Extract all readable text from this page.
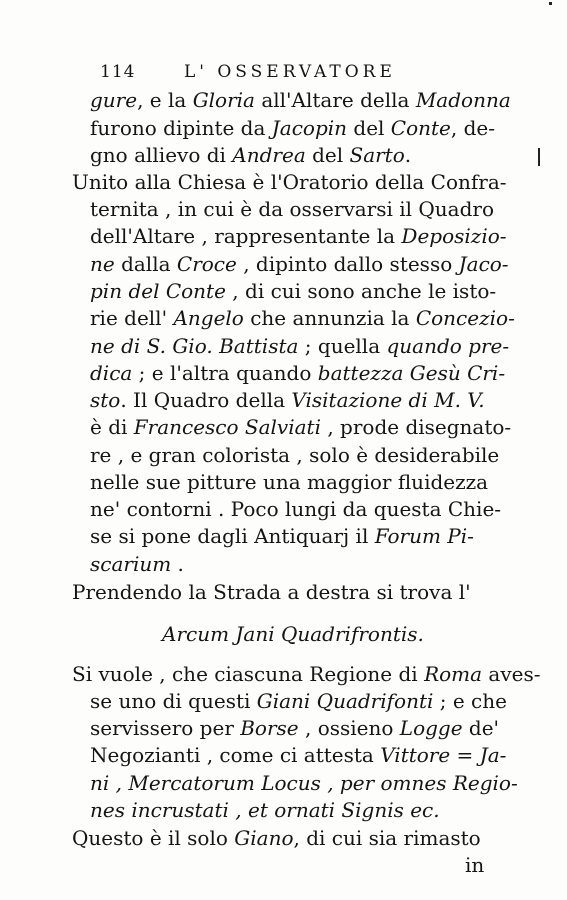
114	L' OSSERVATORE
gure, e la Gloria all'Altare della Madonna
furono dipinte da Jacopin del Conte, de-
gno allievo di Andrea del Sarto.
Unito alla Chiesa è l'Oratorio della Confra-
ternita , in cui è da osservarsi il Quadro
dell'Altare , rappresentante la Deposizio-
ne dalla Croce , dipinto dallo stesso Jaco-
pin del Conte , di cui sono anche le isto-
rie dell' Angelo che annunzia la Concezio-
ne di S. Gio. Battista ; quella quando pre-
dica ; e l'altra quando battezza Gesù Cri-
sto. Il Quadro della Visitazione di M. V.
è di Francesco Salviati , prode disegnato-
re , e gran colorista , solo è desiderabile
nelle sue pitture una maggior fluidezza
ne' contorni . Poco lungi da questa Chie-
se si pone dagli Antiquarj il Forum Pi-
scarium .
Prendendo la Strada a destra si trova l'
Arcum Jani Quadrifrontis.
Si vuole , che ciascuna Regione di Roma aves-
se uno di questi Giani Quadrifonti ; e che
servissero per Borse , ossieno Logge de'
Negozianti , come ci attesta Vittore = Ja-
ni , Mercatorum Locus , per omnes Regio-
nes incrustati , et ornati Signis ec.
Questo è il solo Giano, di cui sia rimasto
in
